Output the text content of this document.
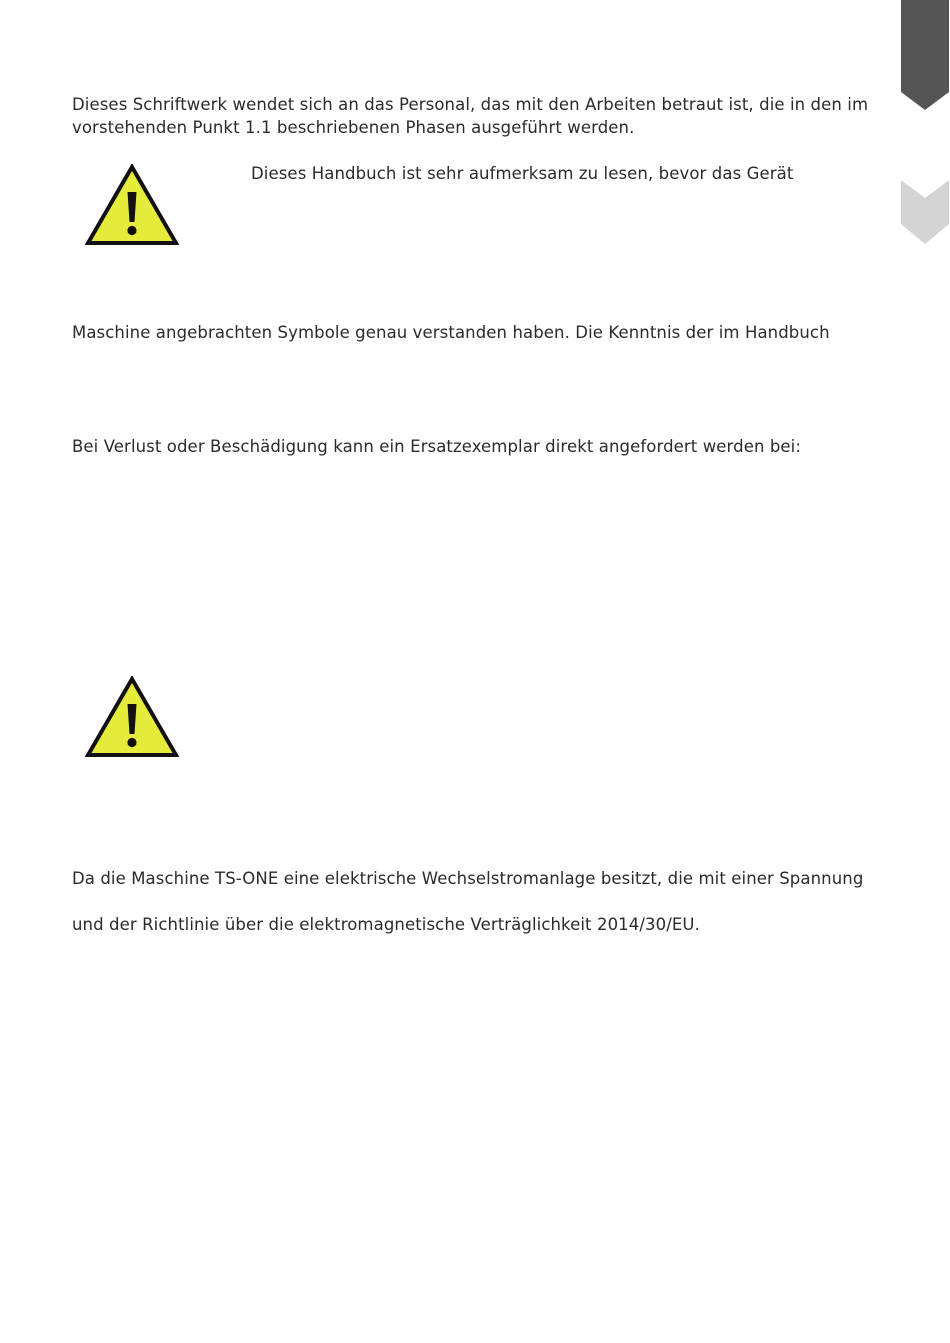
Dieses Schriftwerk wendet sich an das Personal, das mit den Arbeiten betraut ist, die in den im
vorstehenden Punkt 1.1 beschriebenen Phasen ausgeführt werden.

Dieses Handbuch ist sehr aufmerksam zu lesen, bevor das Gerät

Maschine angebrachten Symbole genau verstanden haben. Die Kenntnis der im Handbuch

Bei Verlust oder Beschädigung kann ein Ersatzexemplar direkt angefordert werden bei:

Da die Maschine TS-ONE eine elektrische Wechselstromanlage besitzt, die mit einer Spannung

und der Richtlinie über die elektromagnetische Verträglichkeit 2014/30/EU.
